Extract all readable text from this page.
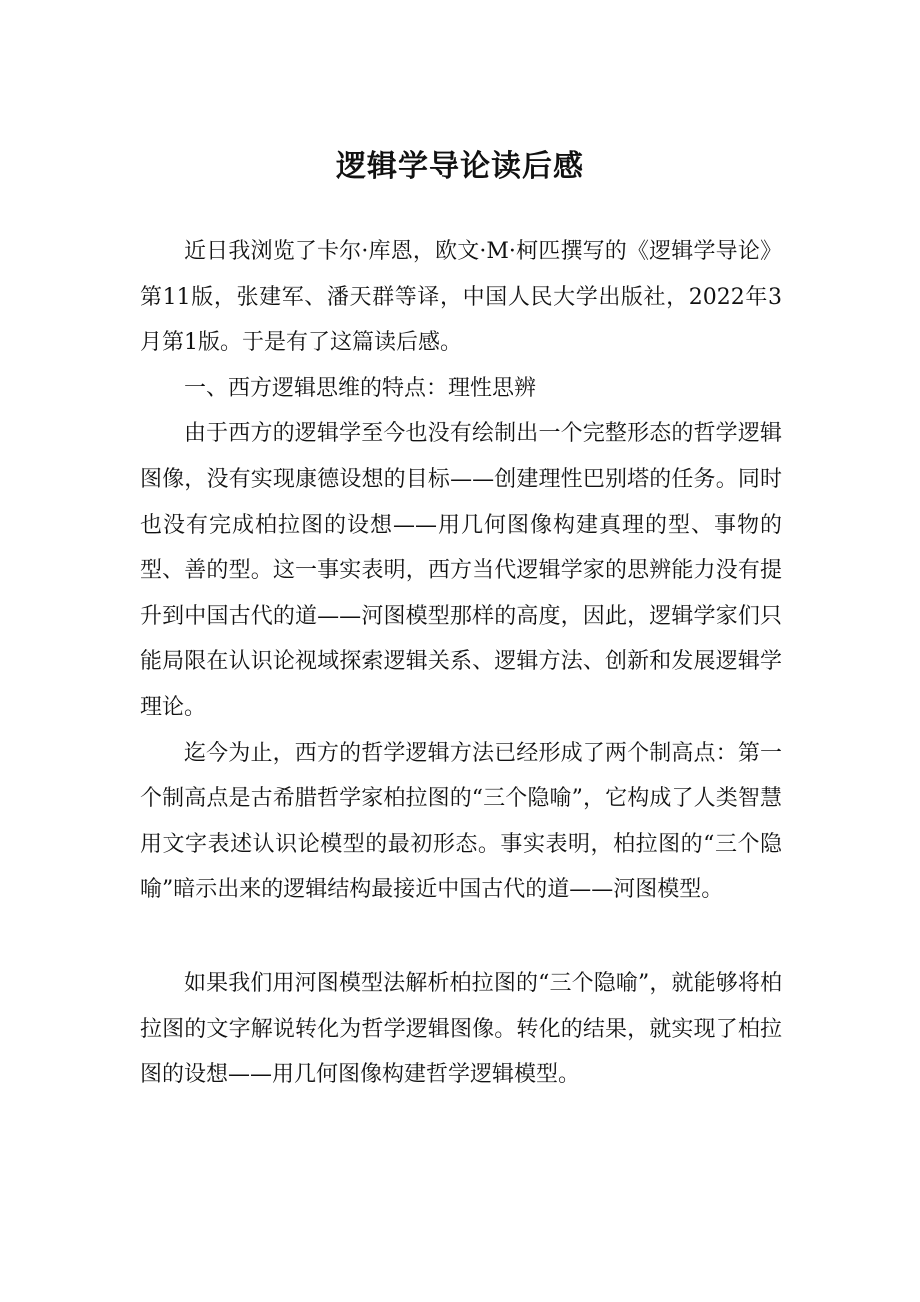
逻辑学导论读后感

近日我浏览了卡尔·库恩，欧文·M·柯匹撰写的《逻辑学导论》第11版，张建军、潘天群等译，中国人民大学出版社，2022年3月第1版。于是有了这篇读后感。

一、西方逻辑思维的特点：理性思辨

由于西方的逻辑学至今也没有绘制出一个完整形态的哲学逻辑图像，没有实现康德设想的目标——创建理性巴别塔的任务。同时也没有完成柏拉图的设想——用几何图像构建真理的型、事物的型、善的型。这一事实表明，西方当代逻辑学家的思辨能力没有提升到中国古代的道——河图模型那样的高度，因此，逻辑学家们只能局限在认识论视域探索逻辑关系、逻辑方法、创新和发展逻辑学理论。

迄今为止，西方的哲学逻辑方法已经形成了两个制高点：第一个制高点是古希腊哲学家柏拉图的“三个隐喻”，它构成了人类智慧用文字表述认识论模型的最初形态。事实表明，柏拉图的“三个隐喻”暗示出来的逻辑结构最接近中国古代的道——河图模型。

如果我们用河图模型法解析柏拉图的“三个隐喻”，就能够将柏拉图的文字解说转化为哲学逻辑图像。转化的结果，就实现了柏拉图的设想——用几何图像构建哲学逻辑模型。
